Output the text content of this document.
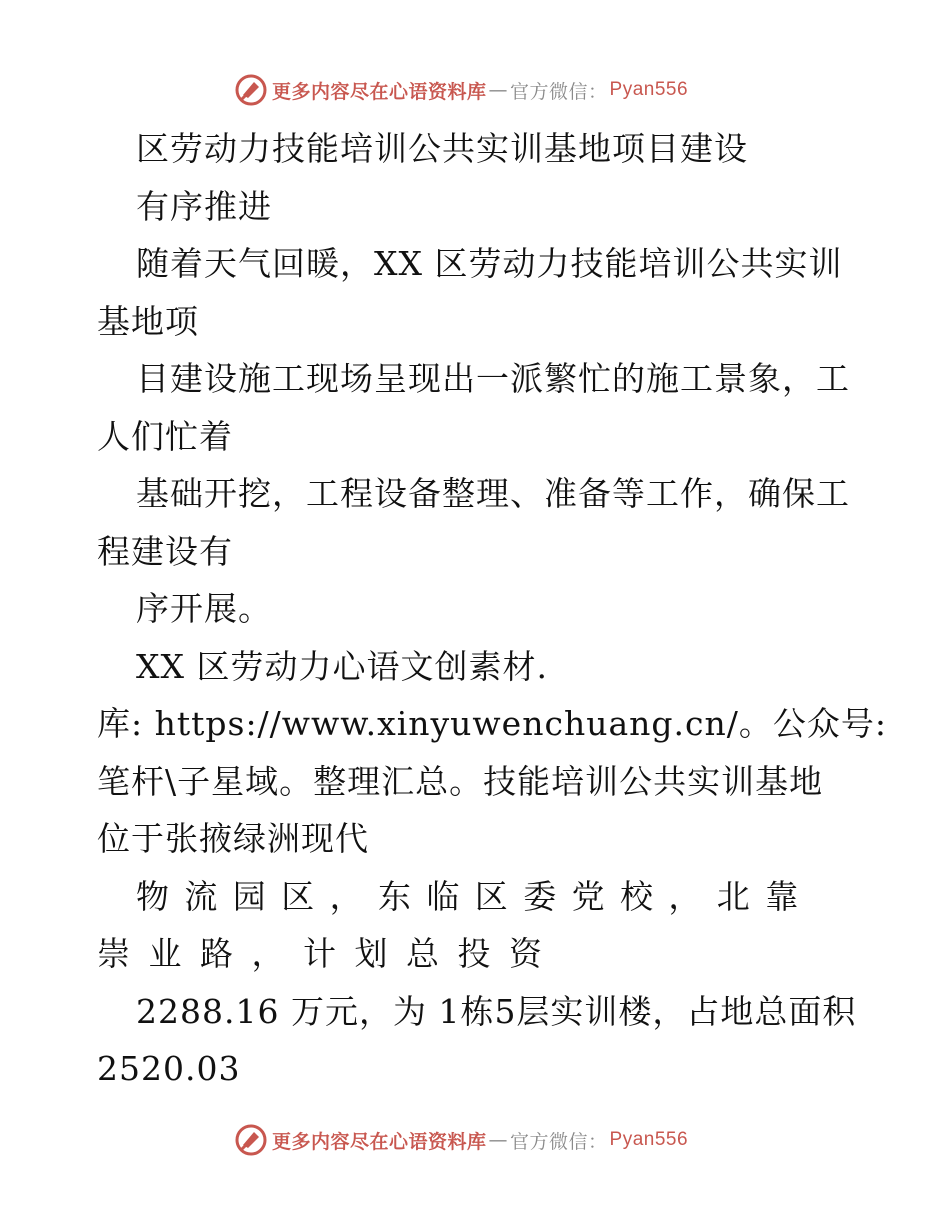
更多内容尽在心语资料库 — 官方微信： Pyan556
区劳动力技能培训公共实训基地项目建设
有序推进
随着天气回暖，XX 区劳动力技能培训公共实训
基地项
目建设施工现场呈现出一派繁忙的施工景象，工
人们忙着
基础开挖，工程设备整理、准备等工作，确保工
程建设有
序开展。
XX 区劳动力心语文创素材.
库: https://www.xinyuwenchuang.cn/。公众号:
笔杆\子星域。整理汇总。技能培训公共实训基地
位于张掖绿洲现代
物流园区，东临区委党校，北靠
崇业路，计划总投资
2288.16 万元，为 1栋5层实训楼，占地总面积
2520.03
更多内容尽在心语资料库 — 官方微信： Pyan556
